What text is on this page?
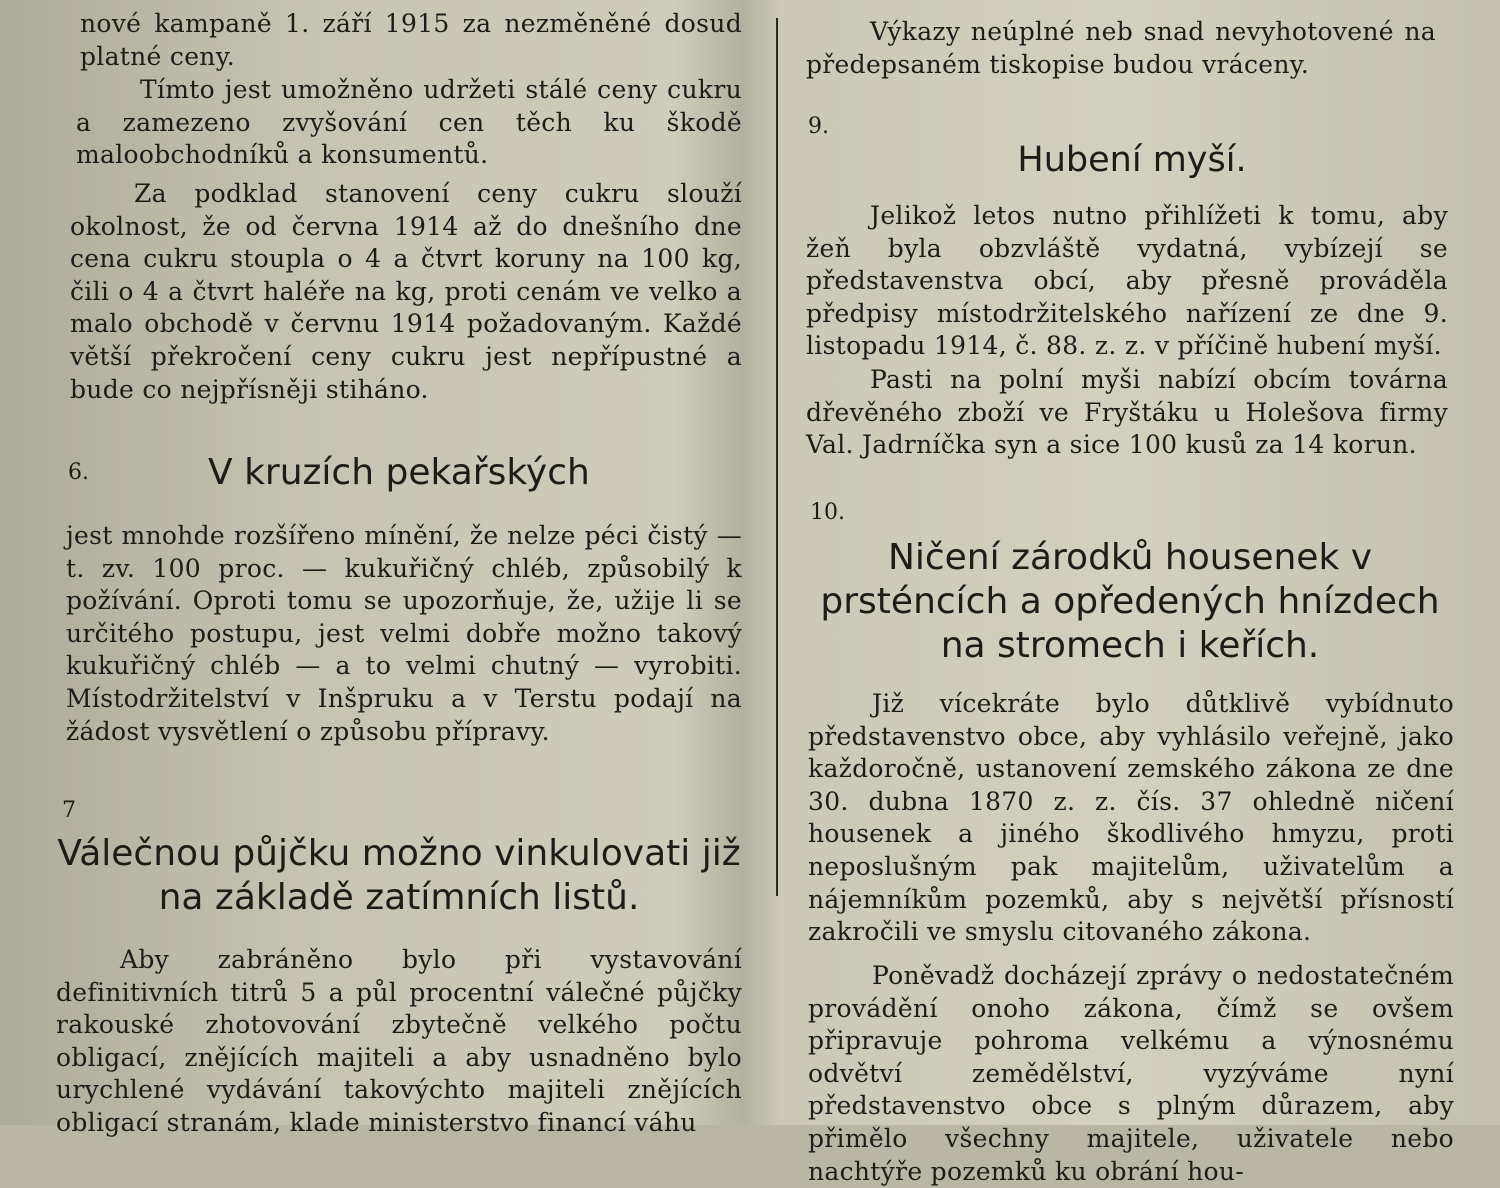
nové kampaně 1. září 1915 za nezměněné dosud platné ceny.

Tímto jest umožněno udržeti stálé ceny cukru a zamezeno zvyšování cen těch ku škodě maloobchodníků a konsumentů.

Za podklad stanovení ceny cukru slouží okolnost, že od června 1914 až do dnešního dne cena cukru stoupla o 4 a čtvrt koruny na 100 kg, čili o 4 a čtvrt haléře na kg, proti cenám ve velko a malo obchodě v červnu 1914 požadovaným. Každé větší překročení ceny cukru jest nepřípustné a bude co nejpřísněji stiháno.

6.	V kruzích pekařských

jest mnohde rozšířeno mínění, že nelze péci čistý — t. zv. 100 proc. — kukuřičný chléb, způsobilý k požívání. Oproti tomu se upozorňuje, že, užije li se určitého postupu, jest velmi dobře možno takový kukuřičný chléb — a to velmi chutný — vyrobiti. Místodržitelství v Inšpruku a v Terstu podají na žádost vysvětlení o způsobu přípravy.

7
Válečnou půjčku možno vinkulovati již na základě zatímních listů.

Aby zabráněno bylo při vystavování definitivních titrů 5 a půl procentní válečné půjčky rakouské zhotovování zbytečně velkého počtu obligací, znějících majiteli a aby usnadněno bylo urychlené vydávání takovýchto majiteli znějících obligací stranám, klade ministerstvo financí váhu

Výkazy neúplné neb snad nevyhotovené na předepsaném tiskopise budou vráceny.

9.
Hubení myší.

Jelikož letos nutno přihlížeti k tomu, aby žeň byla obzvláště vydatná, vybízejí se představenstva obcí, aby přesně prováděla předpisy místodržitelského nařízení ze dne 9. listopadu 1914, č. 88. z. z. v příčině hubení myší.

Pasti na polní myši nabízí obcím továrna dřevěného zboží ve Fryštáku u Holešova firmy Val. Jadrníčka syn a sice 100 kusů za 14 korun.

10.
Ničení zárodků housenek v prsténcích a opředených hnízdech na stromech i keřích.

Již vícekráte bylo důtklivě vybídnuto představenstvo obce, aby vyhlásilo veřejně, jako každoročně, ustanovení zemského zákona ze dne 30. dubna 1870 z. z. čís. 37 ohledně ničení housenek a jiného škodlivého hmyzu, proti neposlušným pak majitelům, uživatelům a nájemníkům pozemků, aby s největší přísností zakročili ve smyslu citovaného zákona.

Poněvadž docházejí zprávy o nedostatečném provádění onoho zákona, čímž se ovšem připravuje pohroma velkému a výnosnému odvětví zemědělství, vyzýváme nyní představenstvo obce s plným důrazem, aby přimělo všechny majitele, uživatele nebo nachtýře pozemků ku obrání hou-
